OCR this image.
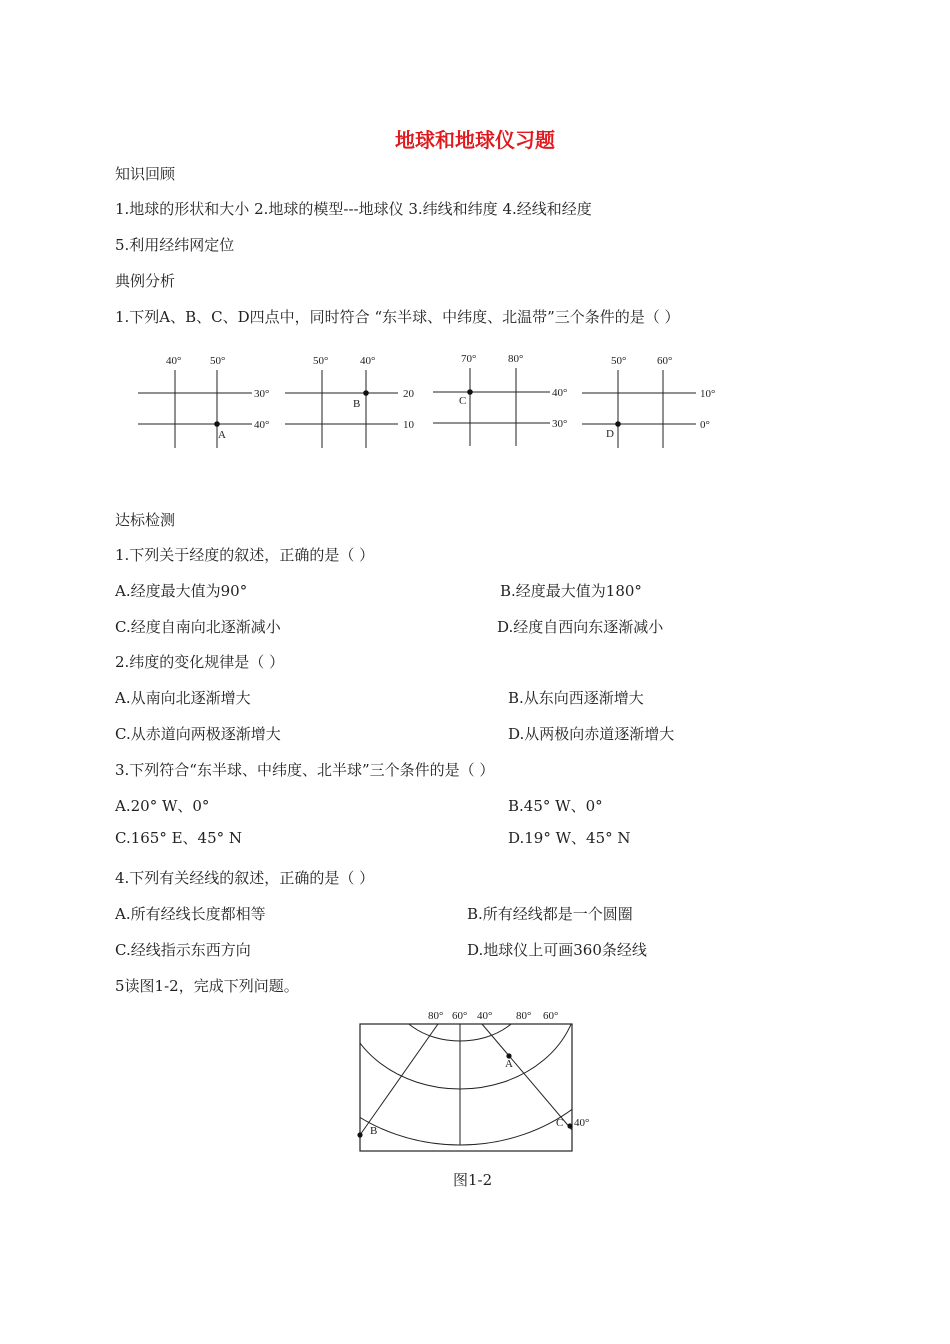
地球和地球仪习题
知识回顾
1.地球的形状和大小 2.地球的模型---地球仪 3.纬线和纬度 4.经线和经度
5.利用经纬网定位
典例分析
1.下列A、B、C、D四点中，同时符合 “东半球、中纬度、北温带”三个条件的是（ ）
40°	50°
30°
40°
A
50°	40°
20
10
B
70°	80°
40°
30°
C
50°	60°
10°
0°
D
达标检测
1.下列关于经度的叙述，正确的是（ ）
A.经度最大值为90°	B.经度最大值为180°
C.经度自南向北逐渐减小	D.经度自西向东逐渐减小
2.纬度的变化规律是（ ）
A.从南向北逐渐增大	B.从东向西逐渐增大
C.从赤道向两极逐渐增大	D.从两极向赤道逐渐增大
3.下列符合“东半球、中纬度、北半球”三个条件的是（ ）
A.20° W、0°	B.45° W、0°
C.165° E、45° N	D.19° W、45° N
4.下列有关经线的叙述，正确的是（ ）
A.所有经线长度都相等	B.所有经线都是一个圆圈
C.经线指示东西方向	D.地球仪上可画360条经线
5读图1-2，完成下列问题。
80° 60° 40° 80° 60°
40°
A
B
C
图1-2
